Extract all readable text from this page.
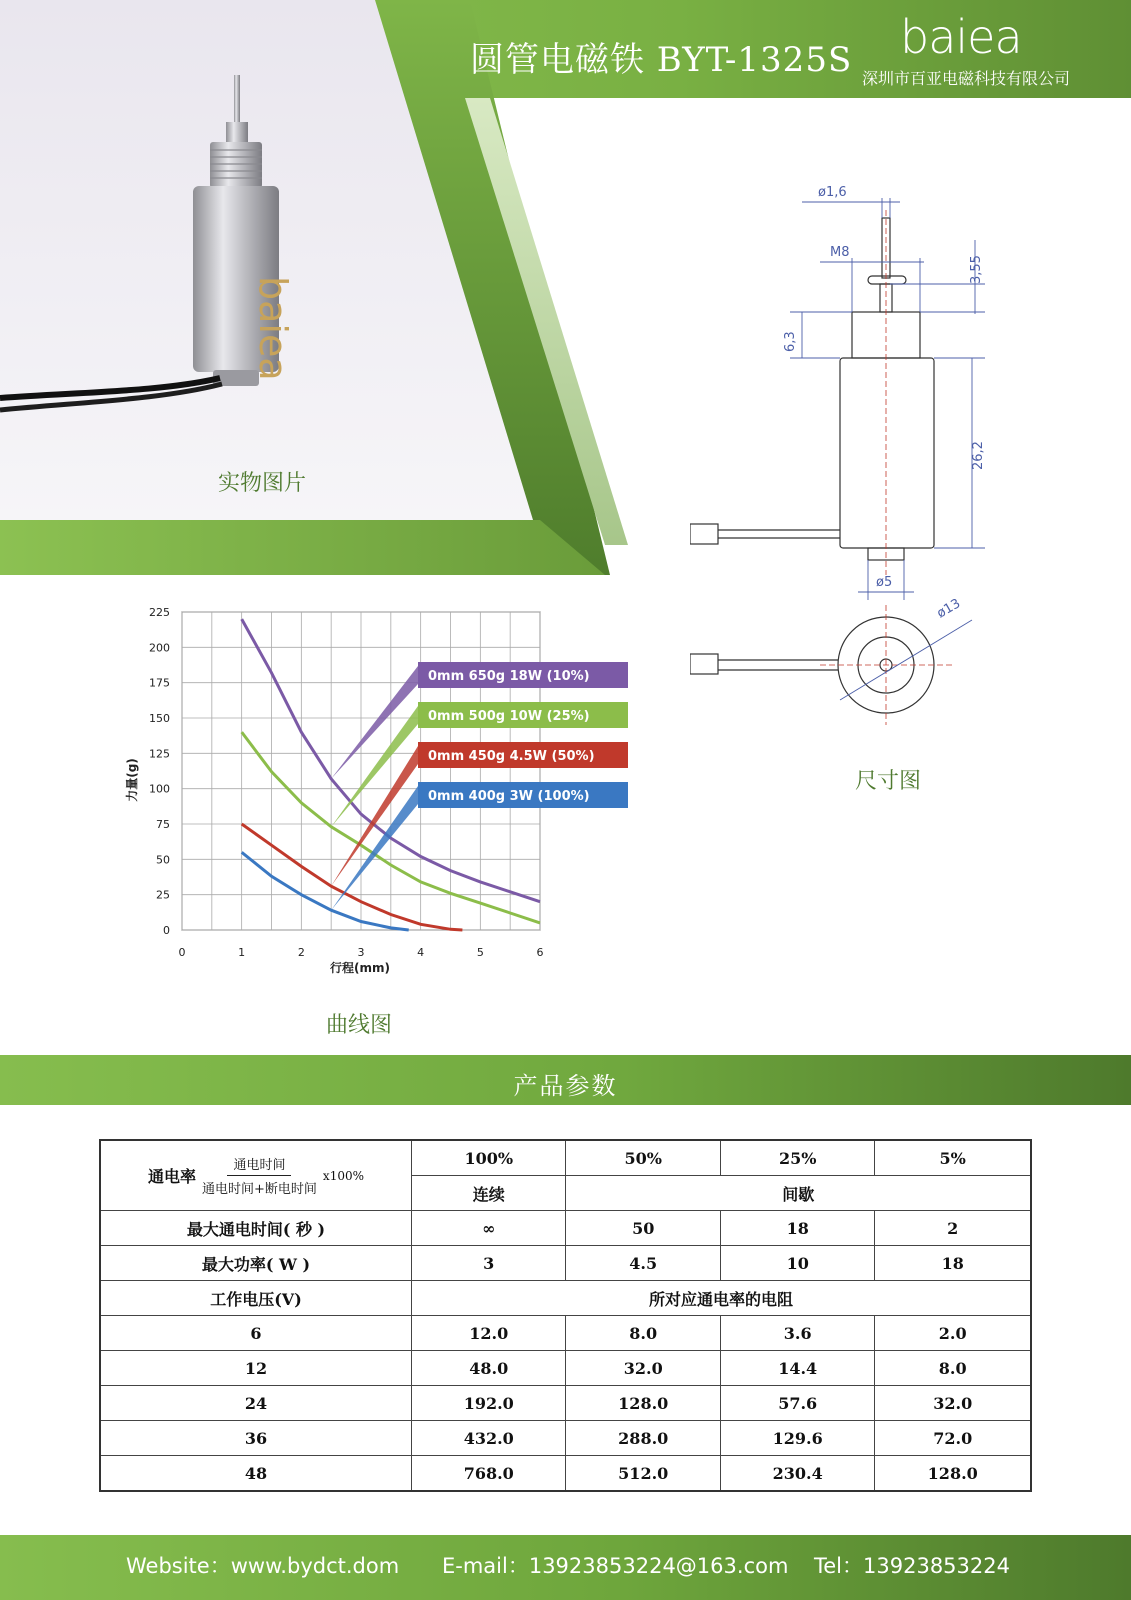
baiea
圆管电磁铁 BYT-1325S baiea
深圳市百亚电磁科技有限公司
实物图片
ø1,6
M8
3,55
6,3
26,2
ø5
ø13
尺寸图
0
25
50
75
100
125
150
175
200
225
0	1	2	3	4	5	6
0mm 650g 18W (10%)
0mm 500g 10W (25%)
0mm 450g 4.5W (50%)
0mm 400g 3W (100%)
行程(mm)
力量(g)
曲线图
产品参数
通电率 $\frac{\text{通电时间}}{\text{通电时间+断电时间}} x100\%$	100%	50%	25%	5%
	连续	间歇		
最大通电时间( 秒 )	∞	50	18	2
最大功率( W )	3	4.5	10	18
工作电压(V)	所对应通电率的电阻			
6	12.0	8.0	3.6	2.0
12	48.0	32.0	14.4	8.0
24	192.0	128.0	57.6	32.0
36	432.0	288.0	129.6	72.0
48	768.0	512.0	230.4	128.0
Website：www.bydct.dom E-mail：13923853224@163.com Tel：13923853224
